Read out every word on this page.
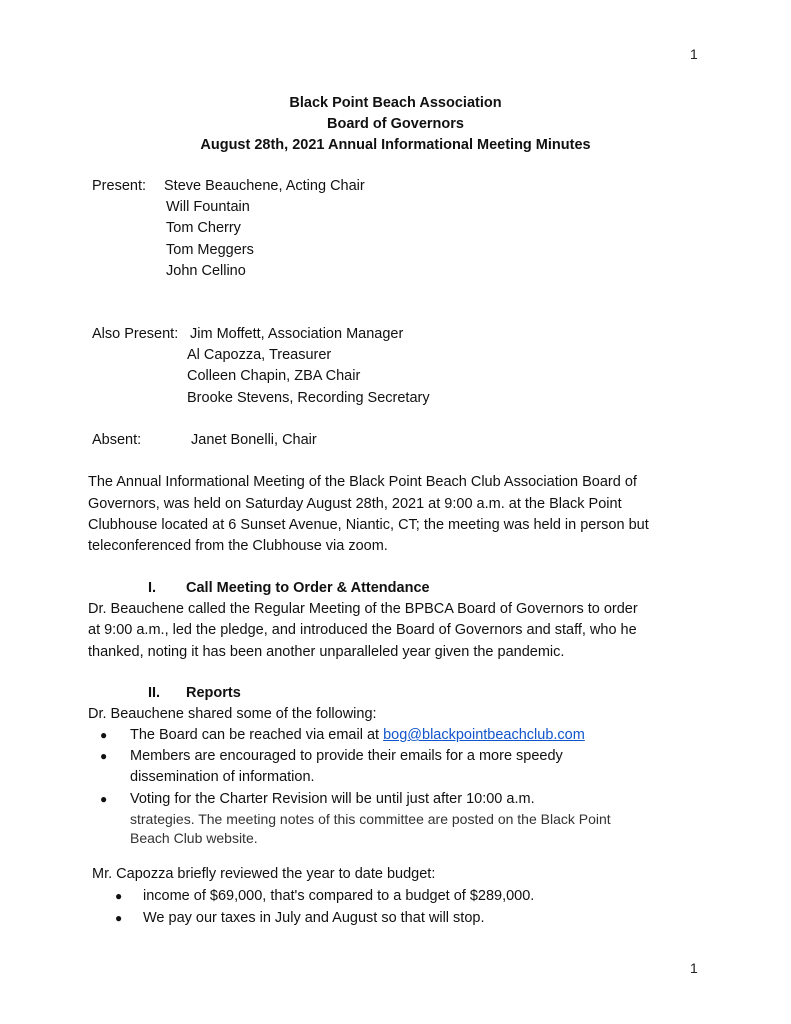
1
Black Point Beach Association
Board of Governors
August 28th, 2021 Annual Informational Meeting Minutes
Present: Steve Beauchene, Acting Chair
Will Fountain
Tom Cherry
Tom Meggers
John Cellino
Also Present: Jim Moffett, Association Manager
Al Capozza, Treasurer
Colleen Chapin, ZBA Chair
Brooke Stevens, Recording Secretary
Absent:	Janet Bonelli, Chair
The Annual Informational Meeting of the Black Point Beach Club Association Board of
Governors, was held on Saturday August 28th, 2021 at 9:00 a.m. at the Black Point
Clubhouse located at 6 Sunset Avenue, Niantic, CT; the meeting was held in person but
teleconferenced from the Clubhouse via zoom.
I. Call Meeting to Order & Attendance
Dr. Beauchene called the Regular Meeting of the BPBCA Board of Governors to order
at 9:00 a.m., led the pledge, and introduced the Board of Governors and staff, who he
thanked, noting it has been another unparalleled year given the pandemic.
II. Reports
Dr. Beauchene shared some of the following:
● The Board can be reached via email at bog@blackpointbeachclub.com
● Members are encouraged to provide their emails for a more speedy
dissemination of information.
● Voting for the Charter Revision will be until just after 10:00 a.m.
strategies. The meeting notes of this committee are posted on the Black Point
Beach Club website.
Mr. Capozza briefly reviewed the year to date budget:
● income of $69,000, that's compared to a budget of $289,000.
● We pay our taxes in July and August so that will stop.
1
